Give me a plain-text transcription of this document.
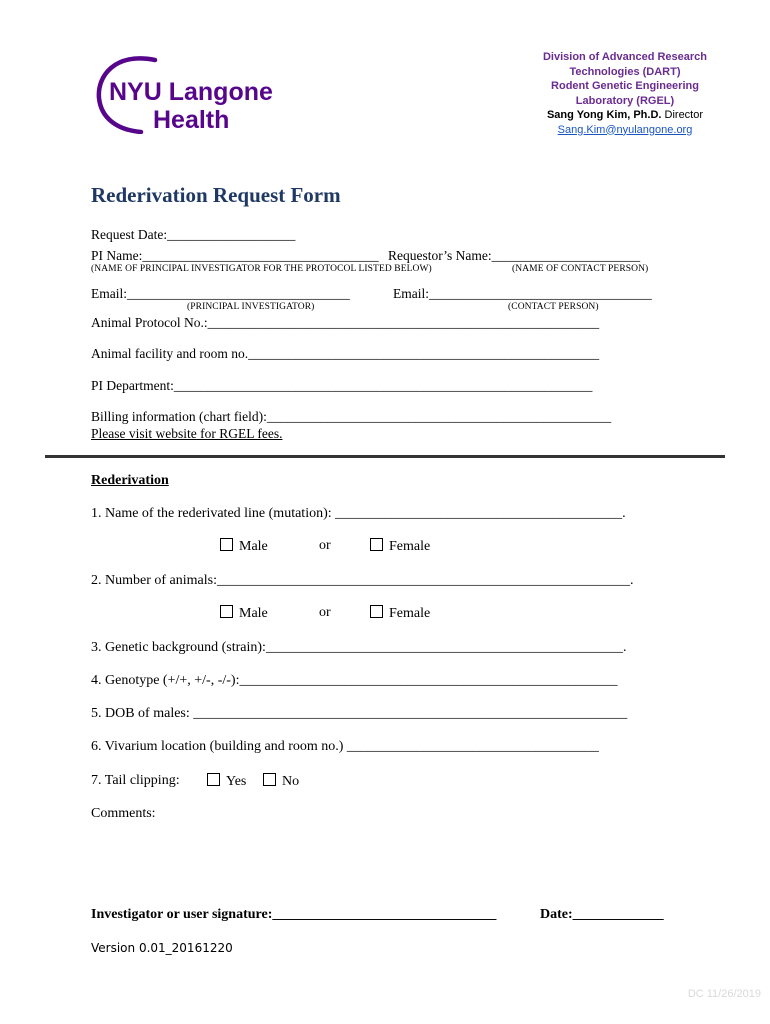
NYU Langone
Health
Division of Advanced Research
Technologies (DART)
Rodent Genetic Engineering
Laboratory (RGEL)
Sang Yong Kim, Ph.D. Director
Sang.Kim@nyulangone.org
Rederivation Request Form
Request Date:___________________
PI Name:___________________________________ Requestor’s Name:______________________
(NAME OF PRINCIPAL INVESTIGATOR FOR THE PROTOCOL LISTED BELOW)	(NAME OF CONTACT PERSON)
Email:_________________________________	Email:_________________________________
(PRINCIPAL INVESTIGATOR)	(CONTACT PERSON)
Animal Protocol No.:__________________________________________________________
Animal facility and room no.____________________________________________________
PI Department:______________________________________________________________
Billing information (chart field):___________________________________________________
Please visit website for RGEL fees.
Rederivation
1. Name of the rederivated line (mutation): _________________________________________.
Male	or	Female
2. Number of animals:___________________________________________________________.
Male	or	Female
3. Genetic background (strain):___________________________________________________.
4. Genotype (+/+, +/-, -/-):______________________________________________________
5. DOB of males: ______________________________________________________________
6. Vivarium location (building and room no.) ____________________________________
7. Tail clipping:	Yes	No
Comments:
Investigator or user signature:________________________________	Date:_____________
Version 0.01_20161220
DC 11/26/2019
